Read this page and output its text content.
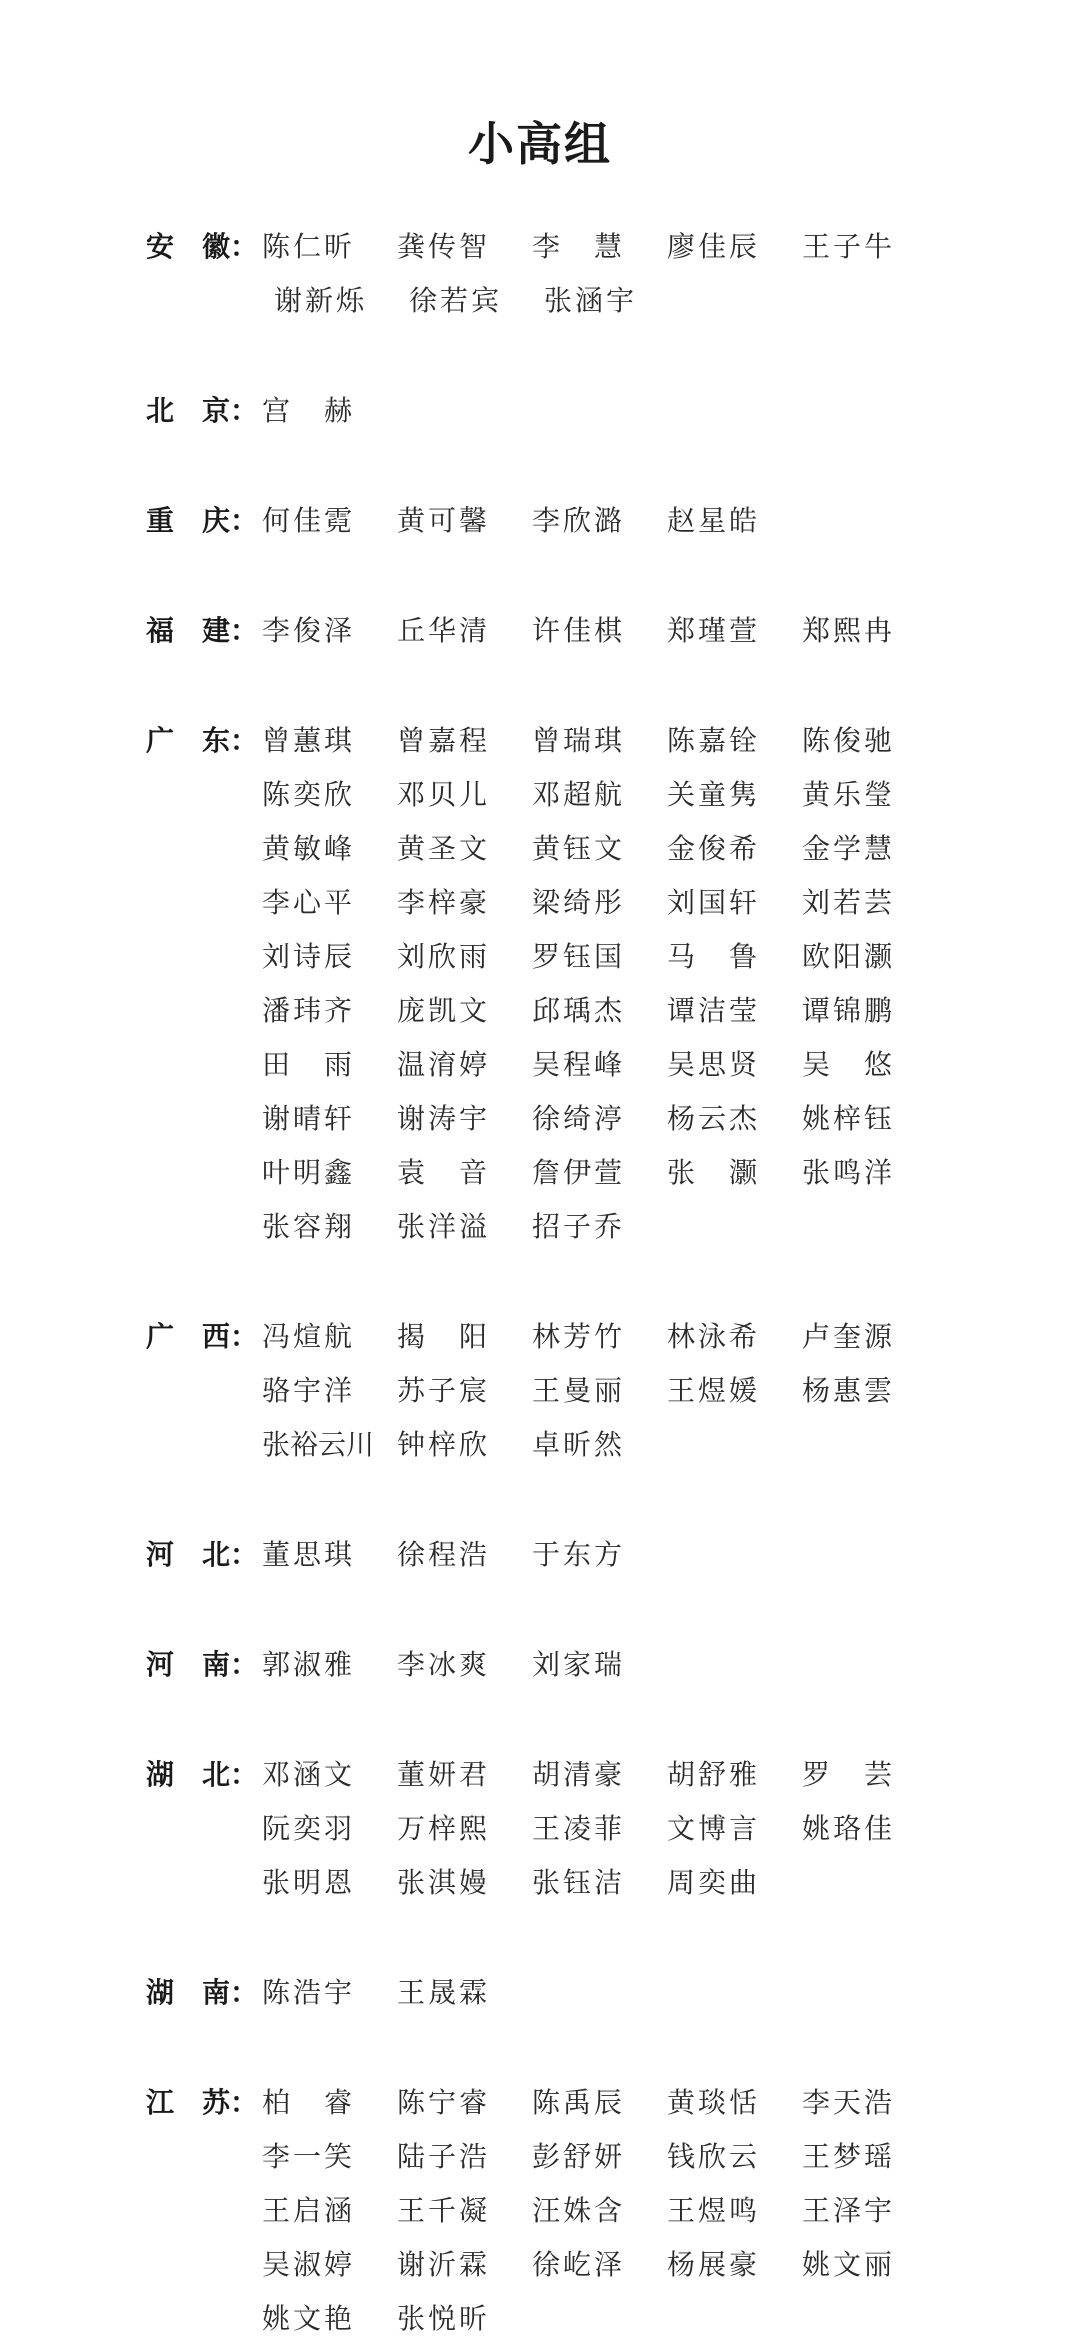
小高组
安　徽： 陈仁昕	龚传智	李　慧	廖佳辰	王子牛
谢新烁	徐若宾	张涵宇
北　京： 宫　赫
重　庆： 何佳霓	黄可馨	李欣潞	赵星皓
福　建： 李俊泽	丘华清	许佳棋	郑瑾萱	郑熙冉
广　东： 曾蕙琪	曾嘉程	曾瑞琪	陈嘉铨	陈俊驰
陈奕欣	邓贝儿	邓超航	关童隽	黄乐瑩
黄敏峰	黄圣文	黄钰文	金俊希	金学慧
李心平	李梓豪	梁绮彤	刘国轩	刘若芸
刘诗辰	刘欣雨	罗钰国	马　鲁	欧阳灏
潘玮齐	庞凯文	邱瑀杰	谭洁莹	谭锦鹏
田　雨	温淯婷	吴程峰	吴思贤	吴　悠
谢晴轩	谢涛宇	徐绮渟	杨云杰	姚梓钰
叶明鑫	袁　音	詹伊萱	张　灏	张鸣洋
张容翔	张洋溢	招子乔
广　西： 冯煊航	揭　阳	林芳竹	林泳希	卢奎源
骆宇洋	苏子宸	王曼丽	王煜媛	杨惠雲
张裕云川 钟梓欣	卓昕然
河　北： 董思琪	徐程浩	于东方
河　南： 郭淑雅	李冰爽	刘家瑞
湖　北： 邓涵文	董妍君	胡清豪	胡舒雅	罗　芸
阮奕羽	万梓熙	王凌菲	文博言	姚珞佳
张明恩	张淇嫚	张钰洁	周奕曲
湖　南： 陈浩宇	王晟霖
江　苏： 柏　睿	陈宁睿	陈禹辰	黄琰恬	李天浩
李一笑	陆子浩	彭舒妍	钱欣云	王梦瑶
王启涵	王千凝	汪姝含	王煜鸣	王泽宇
吴淑婷	谢沂霖	徐屹泽	杨展豪	姚文丽
姚文艳	张悦昕
